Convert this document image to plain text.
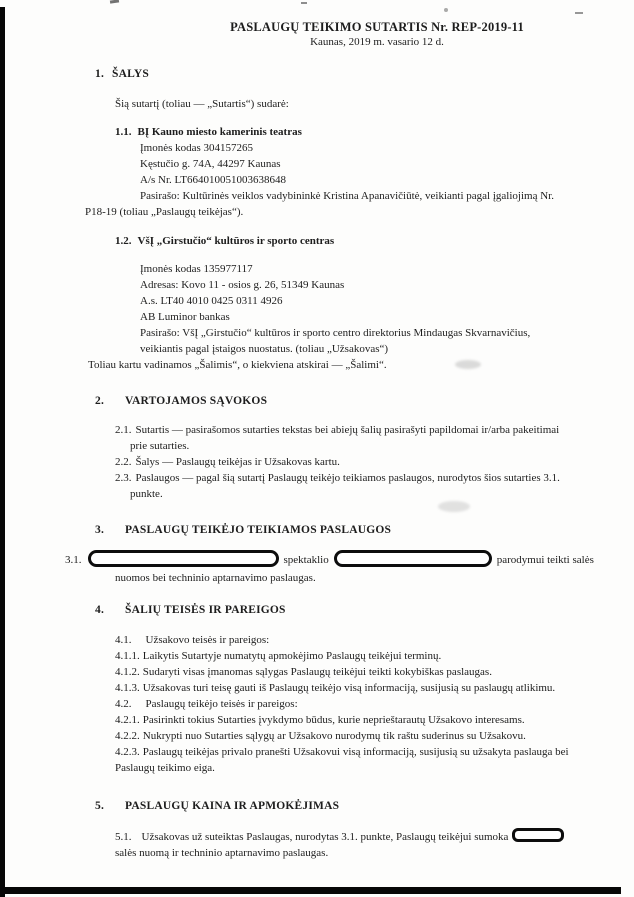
PASLAUGŲ TEIKIMO SUTARTIS Nr. REP-2019-11
Kaunas, 2019 m. vasario 12 d.
1. ŠALYS
Šią sutartį (toliau — „Sutartis“) sudarė:
1.1. BĮ Kauno miesto kamerinis teatras
Įmonės kodas 304157265
Kęstučio g. 74A, 44297 Kaunas
A/s Nr. LT664010051003638648
Pasirašo: Kultūrinės veiklos vadybininkė Kristina Apanavičiūtė, veikianti pagal įgaliojimą Nr.
P18-19 (toliau „Paslaugų teikėjas“).
1.2. VšĮ „Girstučio“ kultūros ir sporto centras
Įmonės kodas 135977117
Adresas: Kovo 11 - osios g. 26, 51349 Kaunas
A.s. LT40 4010 0425 0311 4926
AB Luminor bankas
Pasirašo: VšĮ „Girstučio“ kultūros ir sporto centro direktorius Mindaugas Skvarnavičius,
veikiantis pagal įstaigos nuostatus. (toliau „Užsakovas“)
Toliau kartu vadinamos „Šalimis“, o kiekviena atskirai — „Šalimi“.
2. VARTOJAMOS SĄVOKOS
2.1. Sutartis — pasirašomos sutarties tekstas bei abiejų šalių pasirašyti papildomai ir/arba pakeitimai
prie sutarties.
2.2. Šalys — Paslaugų teikėjas ir Užsakovas kartu.
2.3. Paslaugos — pagal šią sutartį Paslaugų teikėjo teikiamos paslaugos, nurodytos šios sutarties 3.1.
punkte.
3. PASLAUGŲ TEIKĖJO TEIKIAMOS PASLAUGOS
3.1.	spektaklio	parodymui teikti salės
nuomos bei techninio aptarnavimo paslaugas.
4. ŠALIŲ TEISĖS IR PAREIGOS
4.1. Užsakovo teisės ir pareigos:
4.1.1. Laikytis Sutartyje numatytų apmokėjimo Paslaugų teikėjui terminų.
4.1.2. Sudaryti visas įmanomas sąlygas Paslaugų teikėjui teikti kokybiškas paslaugas.
4.1.3. Užsakovas turi teisę gauti iš Paslaugų teikėjo visą informaciją, susijusią su paslaugų atlikimu.
4.2. Paslaugų teikėjo teisės ir pareigos:
4.2.1. Pasirinkti tokius Sutarties įvykdymo būdus, kurie neprieštarautų Užsakovo interesams.
4.2.2. Nukrypti nuo Sutarties sąlygų ar Užsakovo nurodymų tik raštu suderinus su Užsakovu.
4.2.3. Paslaugų teikėjas privalo pranešti Užsakovui visą informaciją, susijusią su užsakyta paslauga bei
Paslaugų teikimo eiga.
5. PASLAUGŲ KAINA IR APMOKĖJIMAS
5.1. Užsakovas už suteiktas Paslaugas, nurodytas 3.1. punkte, Paslaugų teikėjui sumoka
salės nuomą ir techninio aptarnavimo paslaugas.
